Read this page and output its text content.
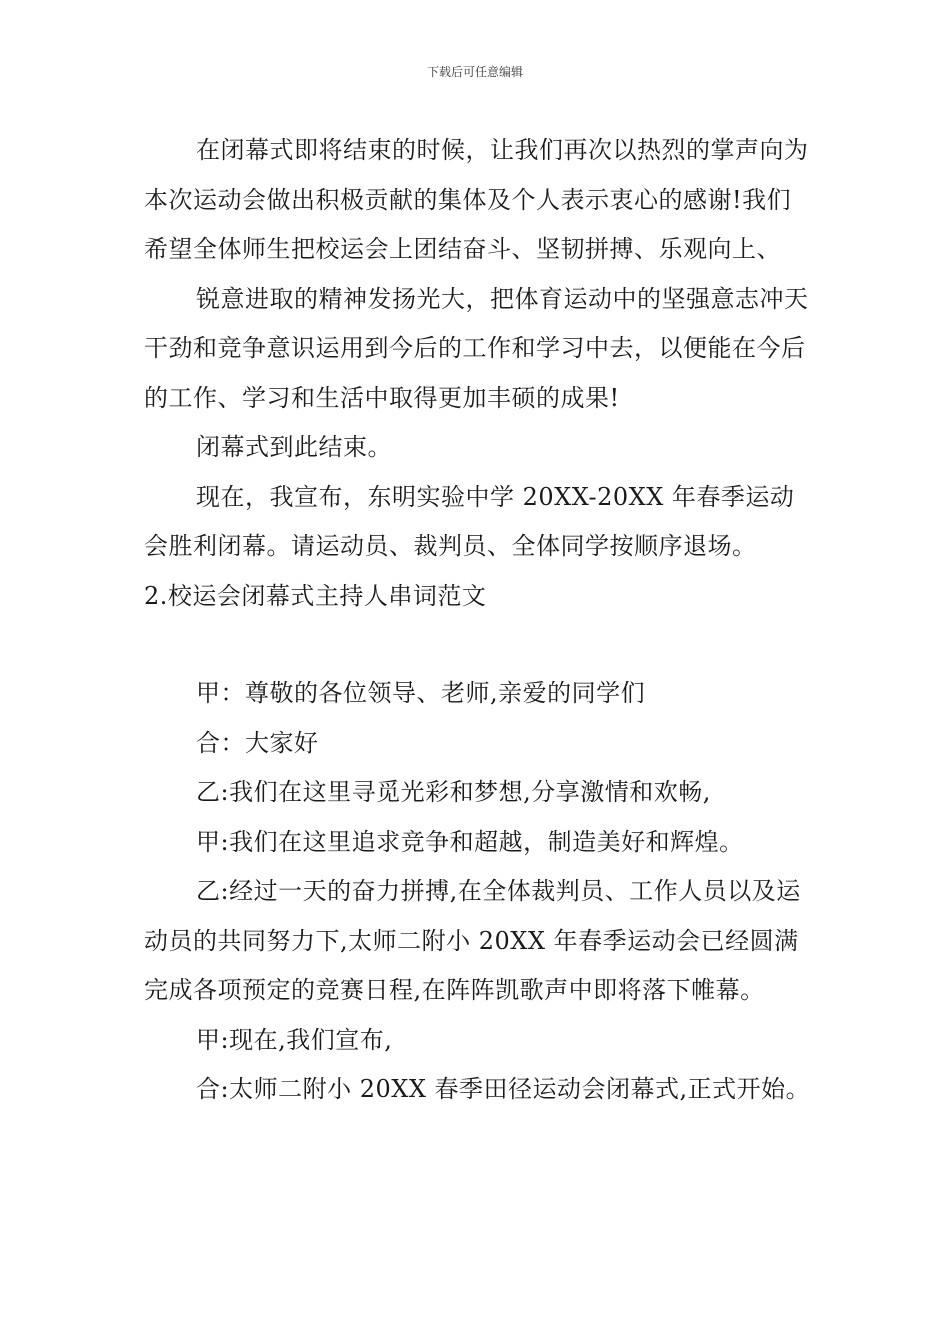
下载后可任意编辑

在闭幕式即将结束的时候，让我们再次以热烈的掌声向为本次运动会做出积极贡献的集体及个人表示衷心的感谢!我们希望全体师生把校运会上团结奋斗、坚韧拼搏、乐观向上、

锐意进取的精神发扬光大，把体育运动中的坚强意志冲天干劲和竞争意识运用到今后的工作和学习中去，以便能在今后的工作、学习和生活中取得更加丰硕的成果!

闭幕式到此结束。

现在，我宣布，东明实验中学 20XX-20XX 年春季运动会胜利闭幕。请运动员、裁判员、全体同学按顺序退场。

2.校运会闭幕式主持人串词范文

甲：尊敬的各位领导、老师,亲爱的同学们

合：大家好

乙:我们在这里寻觅光彩和梦想,分享激情和欢畅,

甲:我们在这里追求竞争和超越，制造美好和辉煌。

乙:经过一天的奋力拼搏,在全体裁判员、工作人员以及运动员的共同努力下,太师二附小 20XX 年春季运动会已经圆满完成各项预定的竞赛日程,在阵阵凯歌声中即将落下帷幕。

甲:现在,我们宣布,

合:太师二附小 20XX 春季田径运动会闭幕式,正式开始。
